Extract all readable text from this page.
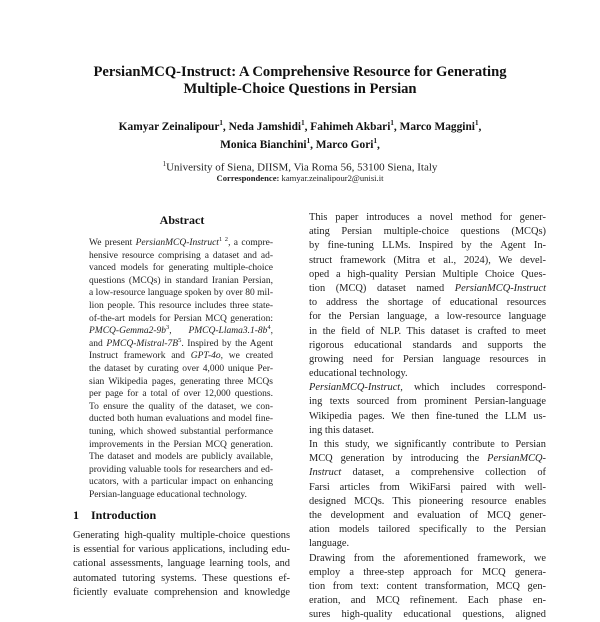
PersianMCQ-Instruct: A Comprehensive Resource for Generating
Multiple-Choice Questions in Persian
Kamyar Zeinalipour$^1$, Neda Jamshidi$^1$, Fahimeh Akbari$^1$, Marco Maggini$^1$,
Monica Bianchini$^1$, Marco Gori$^1$,
$^1$University of Siena, DIISM, Via Roma 56, 53100 Siena, Italy
Correspondence: kamyar.zeinalipour2@unisi.it
Abstract
We present PersianMCQ-Instruct$^{1 2}$, a compre-
hensive resource comprising a dataset and ad-
vanced models for generating multiple-choice
questions (MCQs) in standard Iranian Persian,
a low-resource language spoken by over 80 mil-
lion people. This resource includes three state-
of-the-art models for Persian MCQ generation:
PMCQ-$Gemma2-9b^3$, PMCQ-$Llama3.1-8b^4$,
and PMCQ-$Mistral-7B^5$. Inspired by the Agent
Instruct framework and GPT-4o, we created
the dataset by curating over 4,000 unique Per-
sian Wikipedia pages, generating three MCQs
per page for a total of over 12,000 questions.
To ensure the quality of the dataset, we con-
ducted both human evaluations and model fine-
tuning, which showed substantial performance
improvements in the Persian MCQ generation.
The dataset and models are publicly available,
providing valuable tools for researchers and ed-
ucators, with a particular impact on enhancing
Persian-language educational technology.
1 Introduction
Generating high-quality multiple-choice questions
is essential for various applications, including edu-
cational assessments, language learning tools, and
automated tutoring systems. These questions ef-
ficiently evaluate comprehension and knowledge
This paper introduces a novel method for gener-
ating Persian multiple-choice questions (MCQs)
by fine-tuning LLMs. Inspired by the Agent In-
struct framework (Mitra et al., 2024), We devel-
oped a high-quality Persian Multiple Choice Ques-
tion (MCQ) dataset named PersianMCQ-Instruct
to address the shortage of educational resources
for the Persian language, a low-resource language
in the field of NLP. This dataset is crafted to meet
rigorous educational standards and supports the
growing need for Persian language resources in
educational technology.
PersianMCQ-Instruct, which includes correspond-
ing texts sourced from prominent Persian-language
Wikipedia pages. We then fine-tuned the LLM us-
ing this dataset.
In this study, we significantly contribute to Persian
MCQ generation by introducing the PersianMCQ-
Instruct dataset, a comprehensive collection of
Farsi articles from WikiFarsi paired with well-
designed MCQs. This pioneering resource enables
the development and evaluation of MCQ gener-
ation models tailored specifically to the Persian
language.
Drawing from the aforementioned framework, we
employ a three-step approach for MCQ genera-
tion from text: content transformation, MCQ gen-
eration, and MCQ refinement. Each phase en-
sures high-quality educational questions, aligned
